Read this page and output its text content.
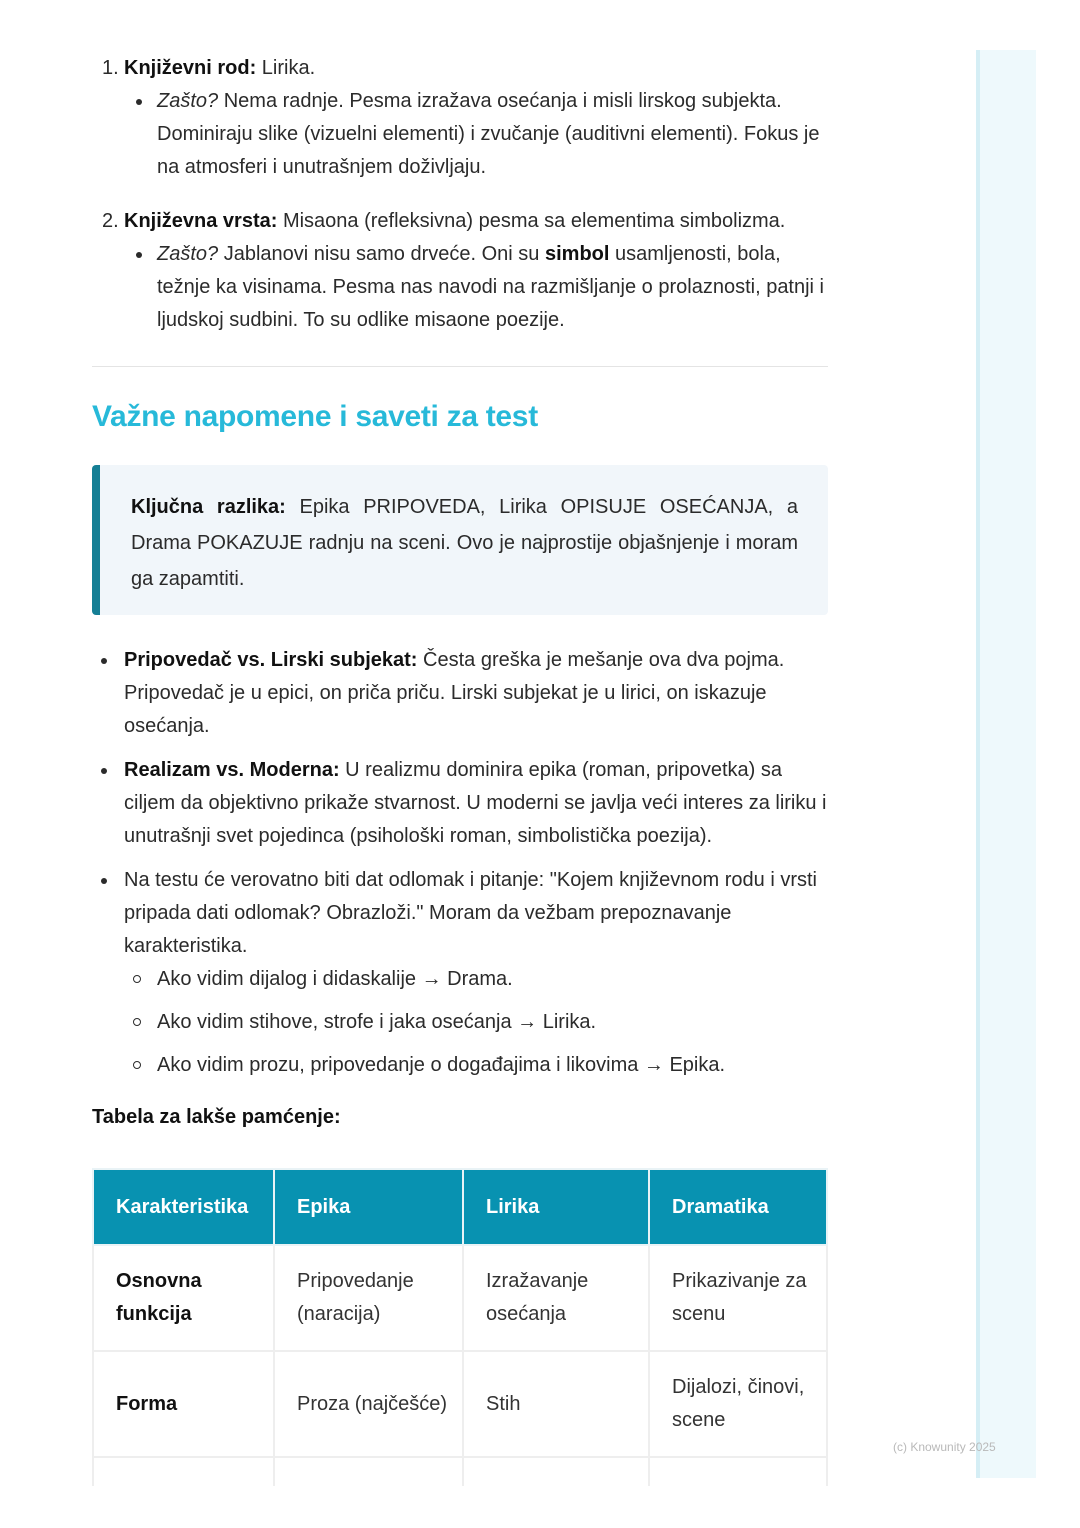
1. Književni rod: Lirika.
Zašto? Nema radnje. Pesma izražava osećanja i misli lirskog subjekta. Dominiraju slike (vizuelni elementi) i zvučanje (auditivni elementi). Fokus je na atmosferi i unutrašnjem doživljaju.
2. Književna vrsta: Misaona (refleksivna) pesma sa elementima simbolizma.
Zašto? Jablanovi nisu samo drveće. Oni su simbol usamljenosti, bola, težnje ka visinama. Pesma nas navodi na razmišljanje o prolaznosti, patnji i ljudskoj sudbini. To su odlike misaone poezije.
Važne napomene i saveti za test
Ključna razlika: Epika PRIPOVEDA, Lirika OPISUJE OSEĆANJA, a Drama POKAZUJE radnju na sceni. Ovo je najprostije objašnjenje i moram ga zapamtiti.
Pripovedač vs. Lirski subjekat: Česta greška je mešanje ova dva pojma. Pripovedač je u epici, on priča priču. Lirski subjekat je u lirici, on iskazuje osećanja.
Realizam vs. Moderna: U realizmu dominira epika (roman, pripovetka) sa ciljem da objektivno prikaže stvarnost. U moderni se javlja veći interes za liriku i unutrašnji svet pojedinca (psihološki roman, simbolistička poezija).
Na testu će verovatno biti dat odlomak i pitanje: "Kojem književnom rodu i vrsti pripada dati odlomak? Obrazloži." Moram da vežbam prepoznavanje karakteristika.
Ako vidim dijalog i didaskalije → Drama.
Ako vidim stihove, strofe i jaka osećanja → Lirika.
Ako vidim prozu, pripovedanje o događajima i likovima → Epika.
Tabela za lakše pamćenje:
Karakteristika	Epika	Lirika	Dramatika
Osnovna funkcija	Pripovedanje (naracija)	Izražavanje osećanja	Prikazivanje za scenu
Forma	Proza (najčešće)	Stih	Dijalozi, činovi, scene

(c) Knowunity 2025
